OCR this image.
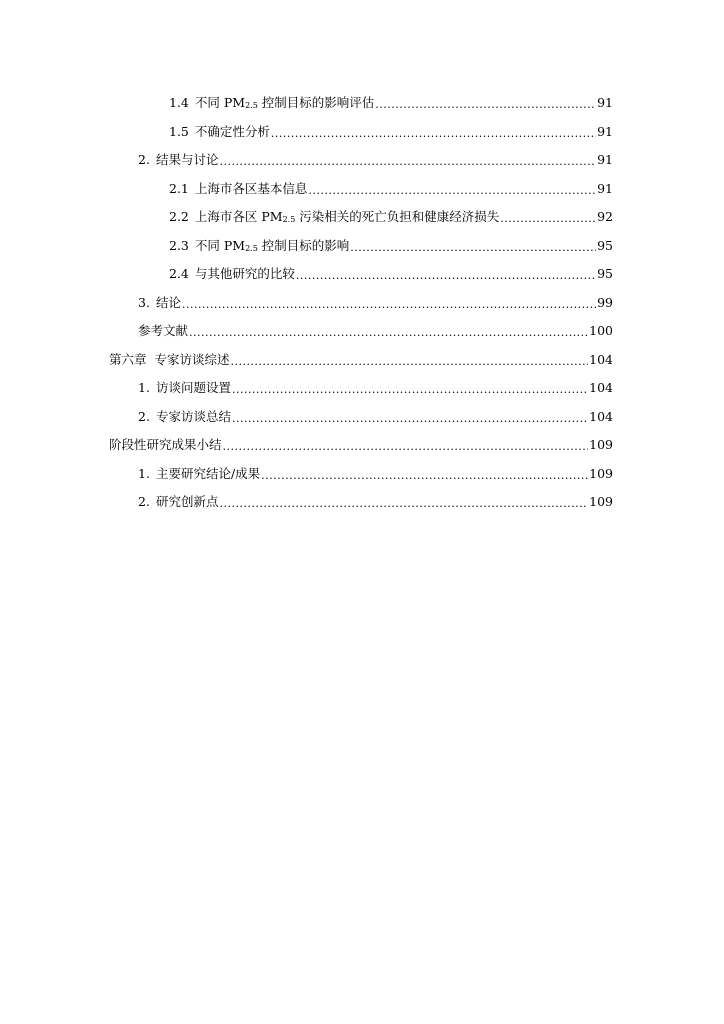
1.4 不同 $PM_{2.5}$ 控制目标的影响评估 .....	91
1.5 不确定性分析 .....	91
2. 结果与讨论 .....	91
2.1 上海市各区基本信息 .....	91
2.2 上海市各区 $PM_{2.5}$ 污染相关的死亡负担和健康经济损失 .....	92
2.3 不同 $PM_{2.5}$ 控制目标的影响 .....	95
2.4 与其他研究的比较 .....	95
3. 结论 .....	99
参考文献 .....	100
第六章  专家访谈综述 .....	104
1. 访谈问题设置 .....	104
2. 专家访谈总结 .....	104
阶段性研究成果小结 .....	109
1. 主要研究结论/成果 .....	109
2. 研究创新点 .....	109
